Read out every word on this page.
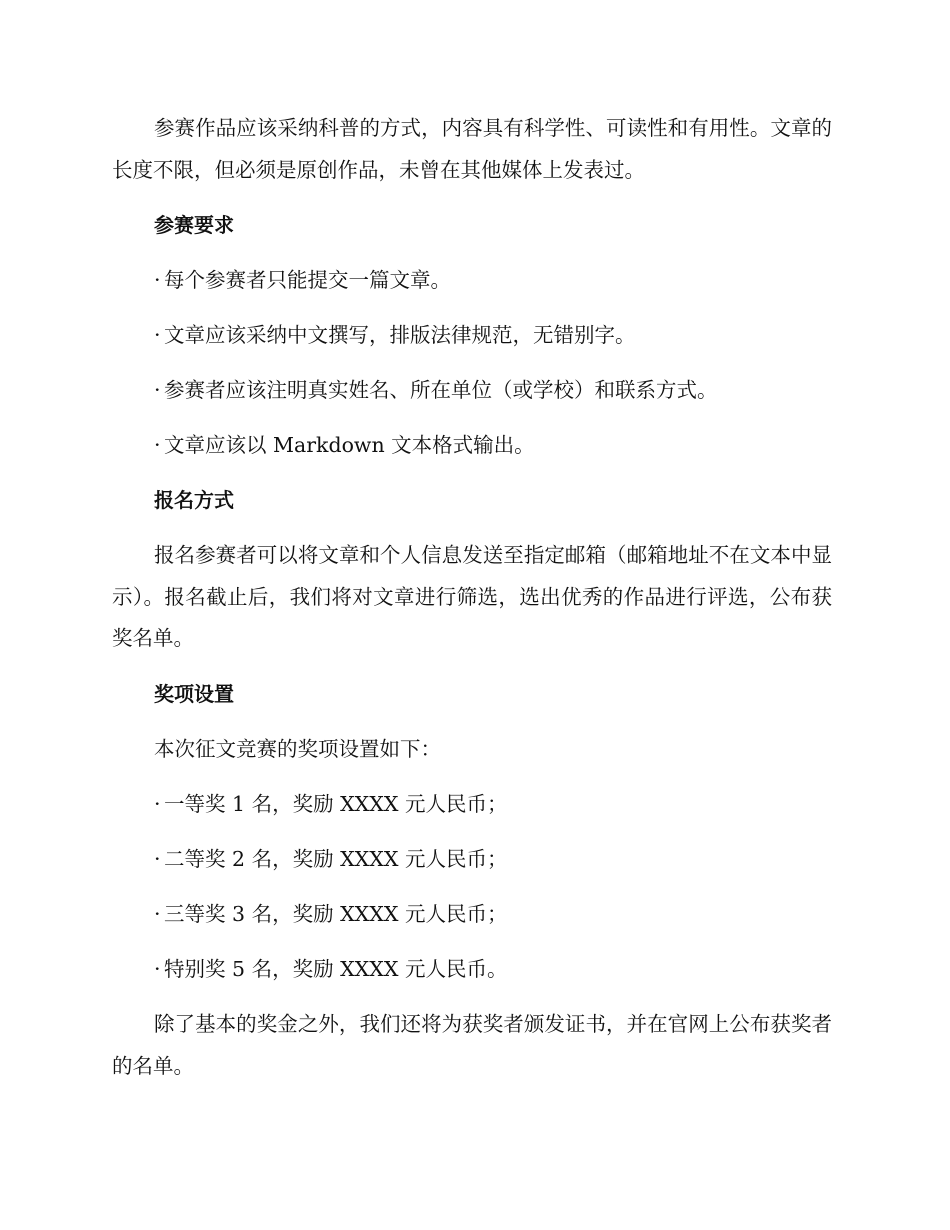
参赛作品应该采纳科普的方式，内容具有科学性、可读性和有用性。文章的长度不限，但必须是原创作品，未曾在其他媒体上发表过。

参赛要求
· 每个参赛者只能提交一篇文章。
· 文章应该采纳中文撰写，排版法律规范，无错别字。
· 参赛者应该注明真实姓名、所在单位（或学校）和联系方式。
· 文章应该以 Markdown 文本格式输出。
报名方式

报名参赛者可以将文章和个人信息发送至指定邮箱（邮箱地址不在文本中显示）。报名截止后，我们将对文章进行筛选，选出优秀的作品进行评选，公布获奖名单。

奖项设置

本次征文竞赛的奖项设置如下：

· 一等奖 1 名，奖励 XXXX 元人民币；
· 二等奖 2 名，奖励 XXXX 元人民币；
· 三等奖 3 名，奖励 XXXX 元人民币；
· 特别奖 5 名，奖励 XXXX 元人民币。

除了基本的奖金之外，我们还将为获奖者颁发证书，并在官网上公布获奖者的名单。
